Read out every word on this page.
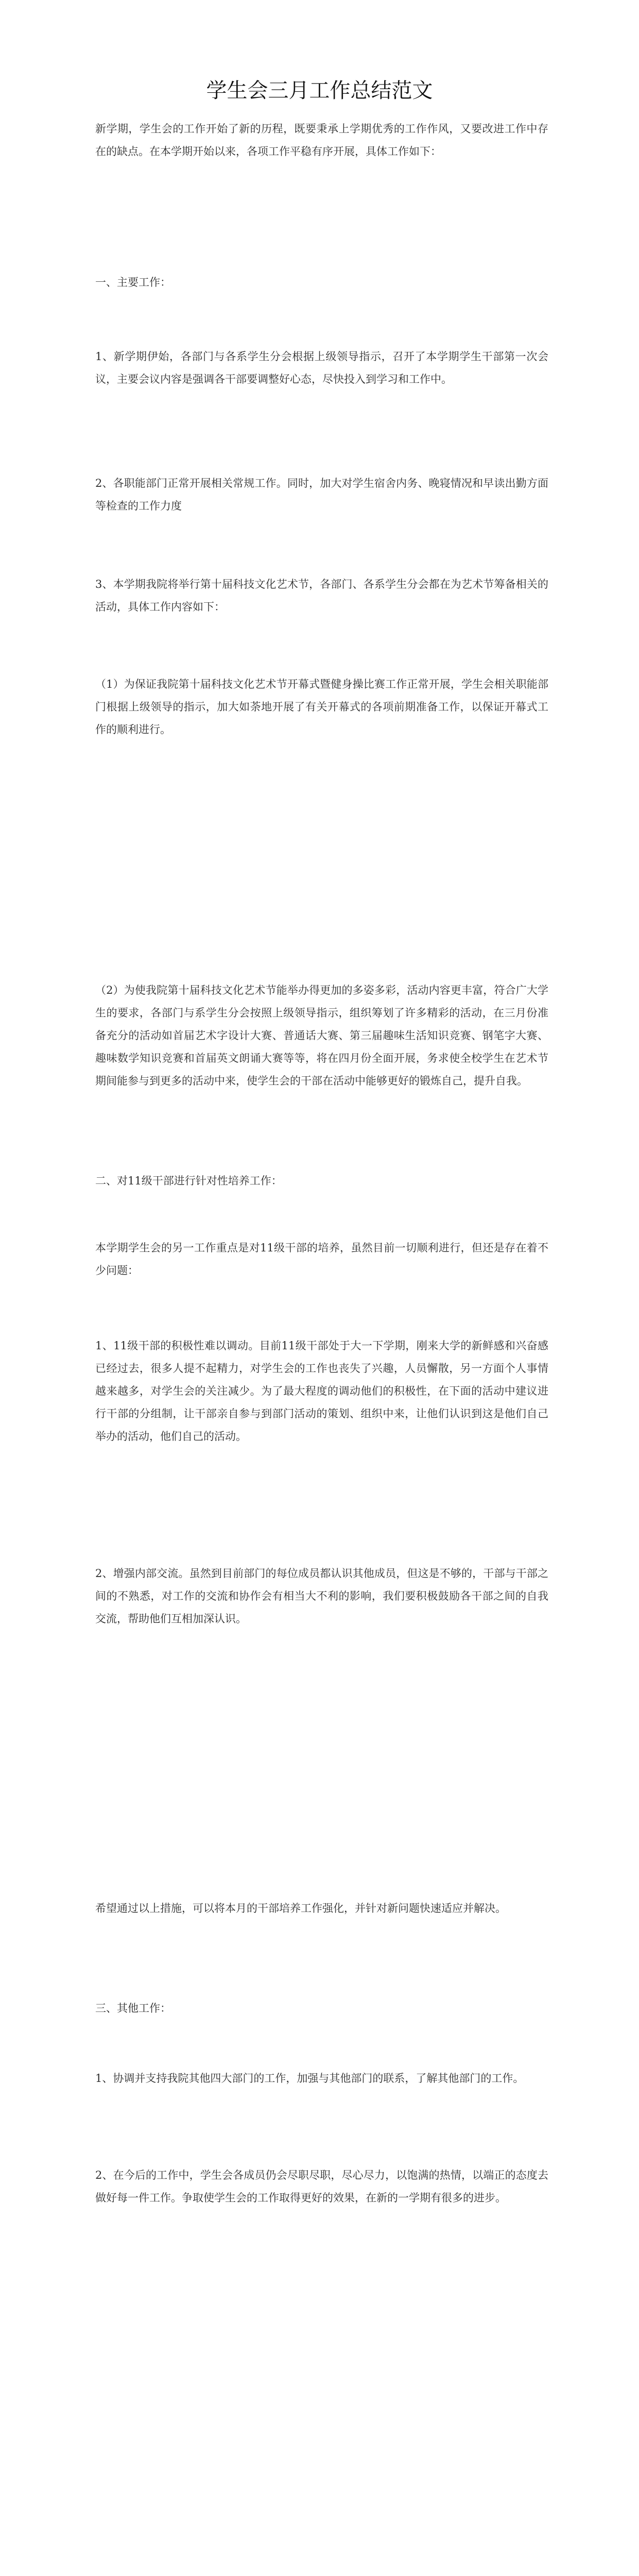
学生会三月工作总结范文

新学期，学生会的工作开始了新的历程，既要秉承上学期优秀的工作作风，又要改进工作中存在的缺点。在本学期开始以来，各项工作平稳有序开展，具体工作如下：

一、主要工作：

1、新学期伊始，各部门与各系学生分会根据上级领导指示，召开了本学期学生干部第一次会议，主要会议内容是强调各干部要调整好心态，尽快投入到学习和工作中。

2、各职能部门正常开展相关常规工作。同时，加大对学生宿舍内务、晚寝情况和早读出勤方面等检查的工作力度

3、本学期我院将举行第十届科技文化艺术节，各部门、各系学生分会都在为艺术节筹备相关的活动，具体工作内容如下：

（1）为保证我院第十届科技文化艺术节开幕式暨健身操比赛工作正常开展，学生会相关职能部门根据上级领导的指示，加大如荼地开展了有关开幕式的各项前期准备工作，以保证开幕式工作的顺利进行。

（2）为使我院第十届科技文化艺术节能举办得更加的多姿多彩，活动内容更丰富，符合广大学生的要求，各部门与系学生分会按照上级领导指示，组织筹划了许多精彩的活动，在三月份准备充分的活动如首届艺术字设计大赛、普通话大赛、第三届趣味生活知识竞赛、钢笔字大赛、趣味数学知识竞赛和首届英文朗诵大赛等等，将在四月份全面开展，务求使全校学生在艺术节期间能参与到更多的活动中来，使学生会的干部在活动中能够更好的锻炼自己，提升自我。

二、对11级干部进行针对性培养工作：

本学期学生会的另一工作重点是对11级干部的培养，虽然目前一切顺利进行，但还是存在着不少问题：

1、11级干部的积极性难以调动。目前11级干部处于大一下学期，刚来大学的新鲜感和兴奋感已经过去，很多人提不起精力，对学生会的工作也丧失了兴趣，人员懈散，另一方面个人事情越来越多，对学生会的关注减少。为了最大程度的调动他们的积极性，在下面的活动中建议进行干部的分组制，让干部亲自参与到部门活动的策划、组织中来，让他们认识到这是他们自己举办的活动，他们自己的活动。

2、增强内部交流。虽然到目前部门的每位成员都认识其他成员，但这是不够的，干部与干部之间的不熟悉，对工作的交流和协作会有相当大不利的影响，我们要积极鼓励各干部之间的自我交流，帮助他们互相加深认识。

希望通过以上措施，可以将本月的干部培养工作强化，并针对新问题快速适应并解决。

三、其他工作：

1、协调并支持我院其他四大部门的工作，加强与其他部门的联系，了解其他部门的工作。

2、在今后的工作中，学生会各成员仍会尽职尽职，尽心尽力，以饱满的热情，以端正的态度去做好每一件工作。争取使学生会的工作取得更好的效果，在新的一学期有很多的进步。
